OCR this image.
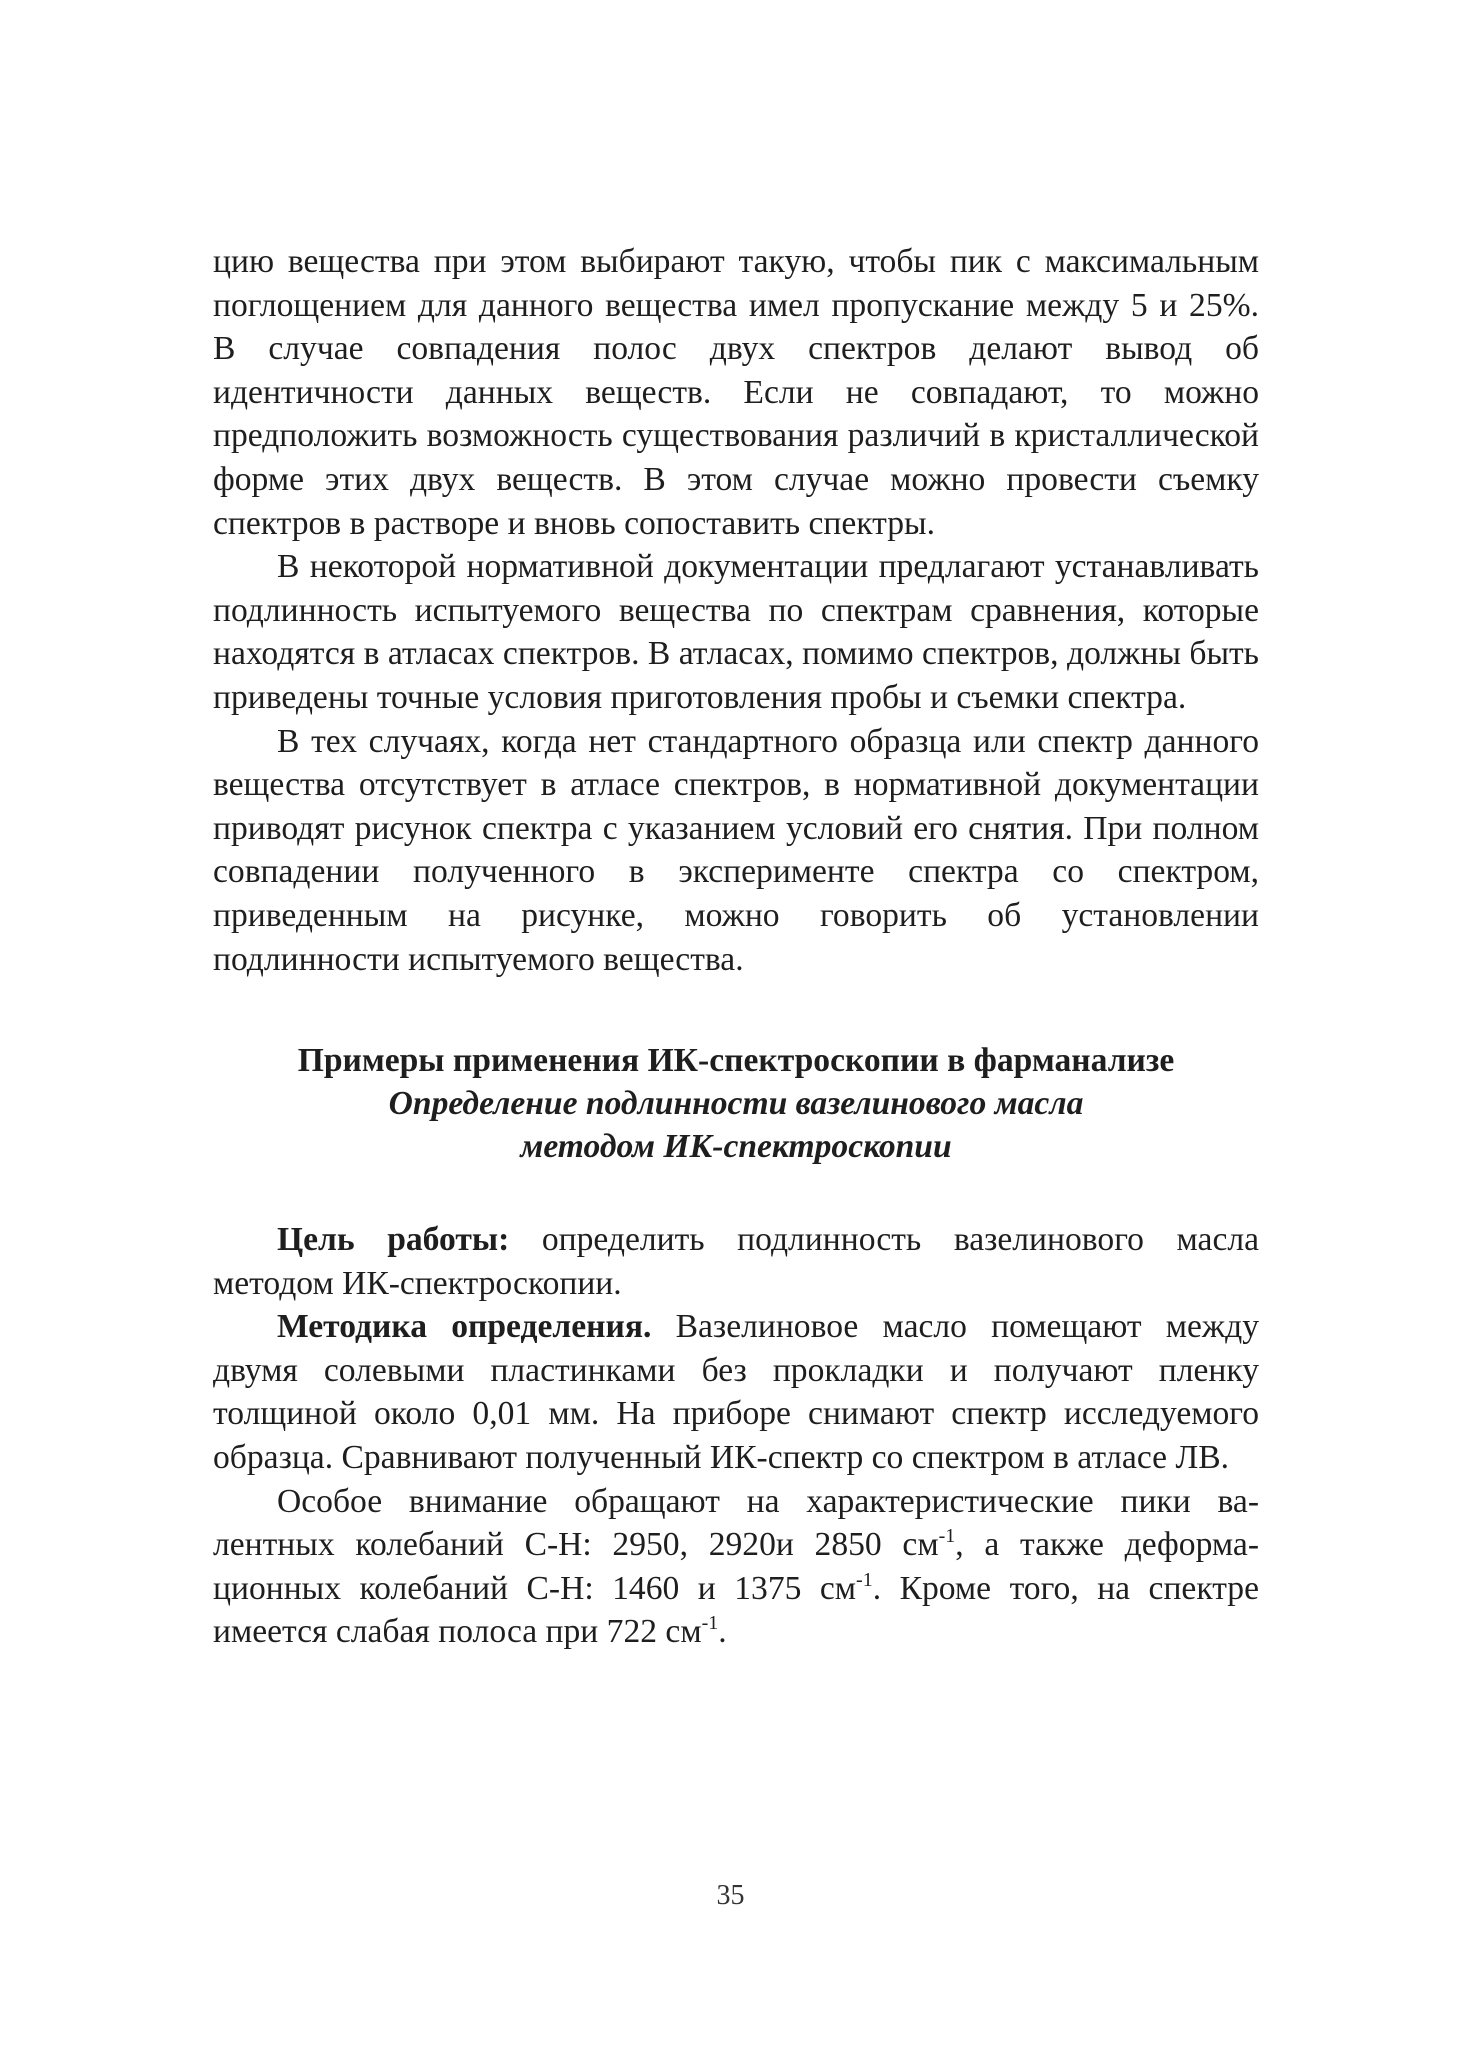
цию вещества при этом выбирают такую, чтобы пик с максимальным поглощением для данного вещества имел пропускание между 5 и 25%. В случае совпадения полос двух спектров делают вывод об идентичности данных веществ. Если не совпадают, то можно предположить возможность существования различий в кристаллической форме этих двух веществ. В этом случае можно провести съемку спектров в растворе и вновь сопоставить спектры.

В некоторой нормативной документации предлагают устанавливать подлинность испытуемого вещества по спектрам сравнения, которые находятся в атласах спектров. В атласах, помимо спектров, должны быть приведены точные условия приготовления пробы и съемки спектра.

В тех случаях, когда нет стандартного образца или спектр данного вещества отсутствует в атласе спектров, в нормативной документации приводят рисунок спектра с указанием условий его снятия. При полном совпадении полученного в эксперименте спектра со спектром, приведенным на рисунке, можно говорить об установлении подлинности испытуемого вещества.

Примеры применения ИК-спектроскопии в фарманализе
Определение подлинности вазелинового масла
методом ИК-спектроскопии

Цель работы: определить подлинность вазелинового масла методом ИК-спектроскопии.

Методика определения. Вазелиновое масло помещают между двумя солевыми пластинками без прокладки и получают пленку толщиной около 0,01 мм. На приборе снимают спектр исследуемого образца. Сравнивают полученный ИК-спектр со спектром в атласе ЛВ.

Особое внимание обращают на характеристические пики валентных колебаний С-Н: 2950, 2920и 2850 $см^{-1}$, а также деформационных колебаний С-Н: 1460 и 1375 $см^{-1}$. Кроме того, на спектре имеется слабая полоса при 722 $см^{-1}$.

35
